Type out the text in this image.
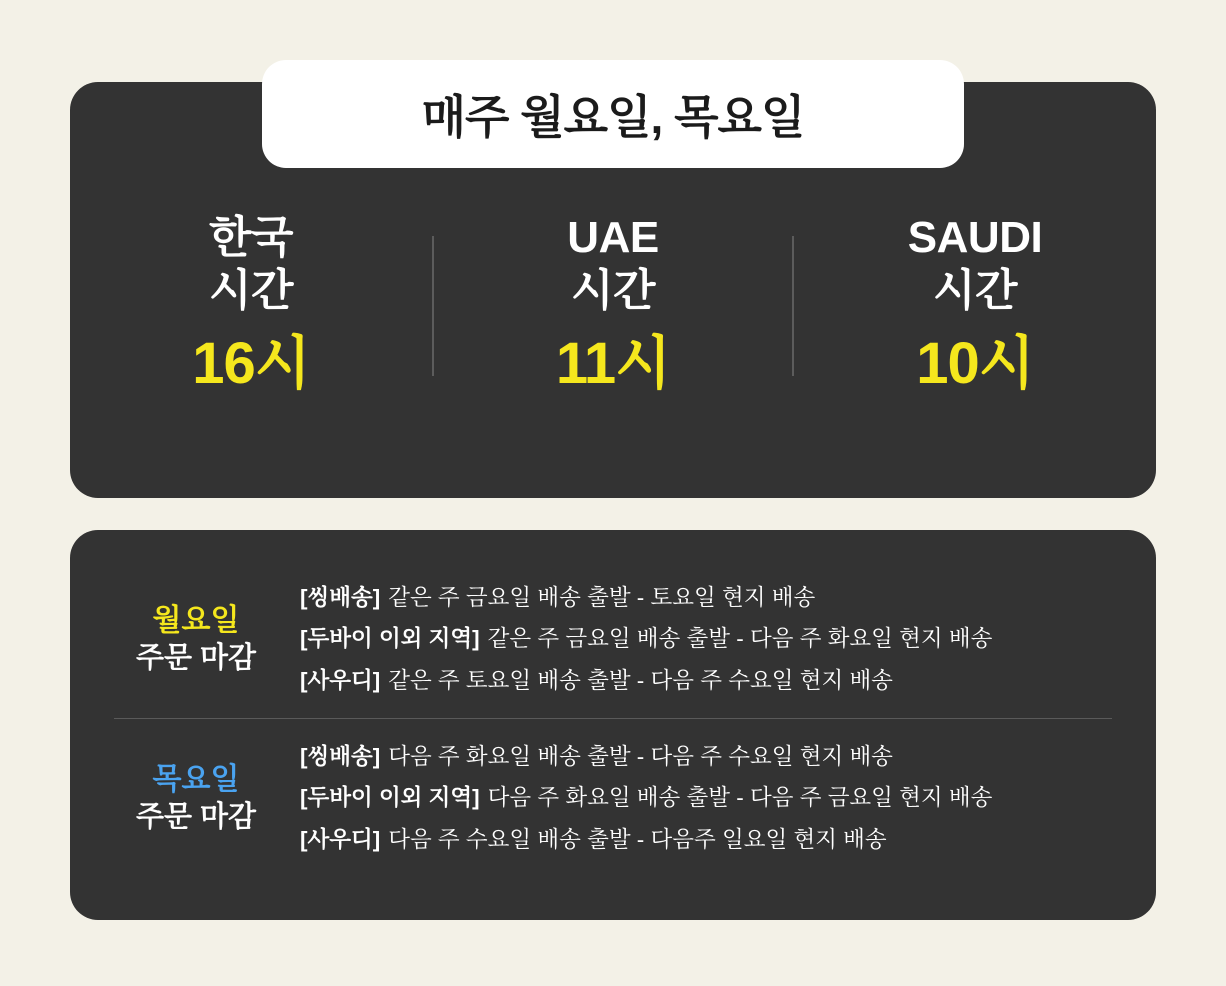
매주 월요일, 목요일
한국
시간
16시
UAE
시간
11시
SAUDI
시간
10시
월요일
주문 마감
[씽배송] 같은 주 금요일 배송 출발 - 토요일 현지 배송
[두바이 이외 지역] 같은 주 금요일 배송 출발 - 다음 주 화요일 현지 배송
[사우디] 같은 주 토요일 배송 출발 - 다음 주 수요일 현지 배송
목요일
주문 마감
[씽배송] 다음 주 화요일 배송 출발 - 다음 주 수요일 현지 배송
[두바이 이외 지역] 다음 주 화요일 배송 출발 - 다음 주 금요일 현지 배송
[사우디] 다음 주 수요일 배송 출발 - 다음주 일요일 현지 배송
